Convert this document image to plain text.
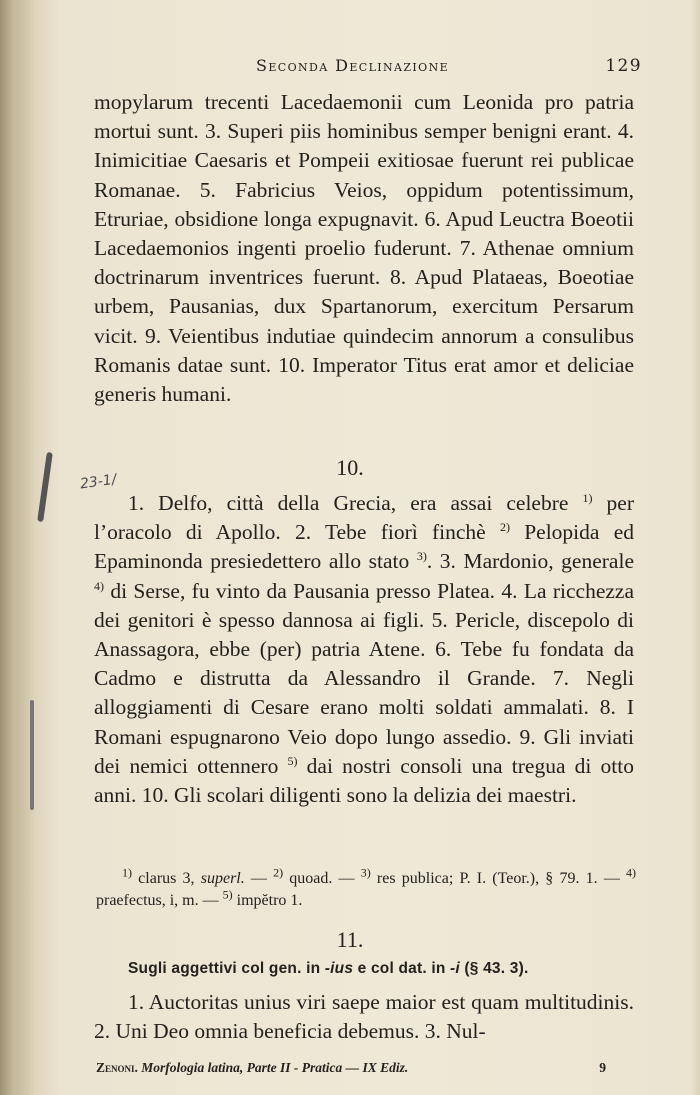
Seconda Declinazione	129

mopylarum trecenti Lacedaemonii cum Leonida pro patria mortui sunt. 3. Superi piis hominibus semper benigni erant. 4. Inimicitiae Caesaris et Pompeii exitiosae fuerunt rei publicae Romanae. 5. Fabricius Veios, oppidum potentissimum, Etruriae, obsidione longa expugnavit. 6. Apud Leuctra Boeotii Lacedaemonios ingenti proelio fuderunt. 7. Athenae omnium doctrinarum inventrices fuerunt. 8. Apud Plataeas, Boeotiae urbem, Pausanias, dux Spartanorum, exercitum Persarum vicit. 9. Veientibus indutiae quindecim annorum a consulibus Romanis datae sunt. 10. Imperator Titus erat amor et deliciae generis humani.

10.
23-1/

1. Delfo, città della Grecia, era assai celebre $^{1)}$ per l’oracolo di Apollo. 2. Tebe fiorì finchè $^{2)}$ Pelopida ed Epaminonda presiedettero allo stato $^{3)}$. 3. Mardonio, generale $^{4)}$ di Serse, fu vinto da Pausania presso Platea. 4. La ricchezza dei genitori è spesso dannosa ai figli. 5. Pericle, discepolo di Anassagora, ebbe (per) patria Atene. 6. Tebe fu fondata da Cadmo e distrutta da Alessandro il Grande. 7. Negli alloggiamenti di Cesare erano molti soldati ammalati. 8. I Romani espugnarono Veio dopo lungo assedio. 9. Gli inviati dei nemici ottennero $^{5)}$ dai nostri consoli una tregua di otto anni. 10. Gli scolari diligenti sono la delizia dei maestri.

$^{1)}$ clarus 3, superl. — $^{2)}$ quoad. — $^{3)}$ res publica; P. I. (Teor.), § 79. 1. — $^{4)}$ praefectus, i, m. — $^{5)}$ impĕtro 1.

11.
Sugli aggettivi col gen. in -ius e col dat. in -i (§ 43. 3).

1. Auctoritas unius viri saepe maior est quam multitudinis. 2. Uni Deo omnia beneficia debemus. 3. Nul-

Zenoni. Morfologia latina, Parte II - Pratica — IX Ediz.	9
